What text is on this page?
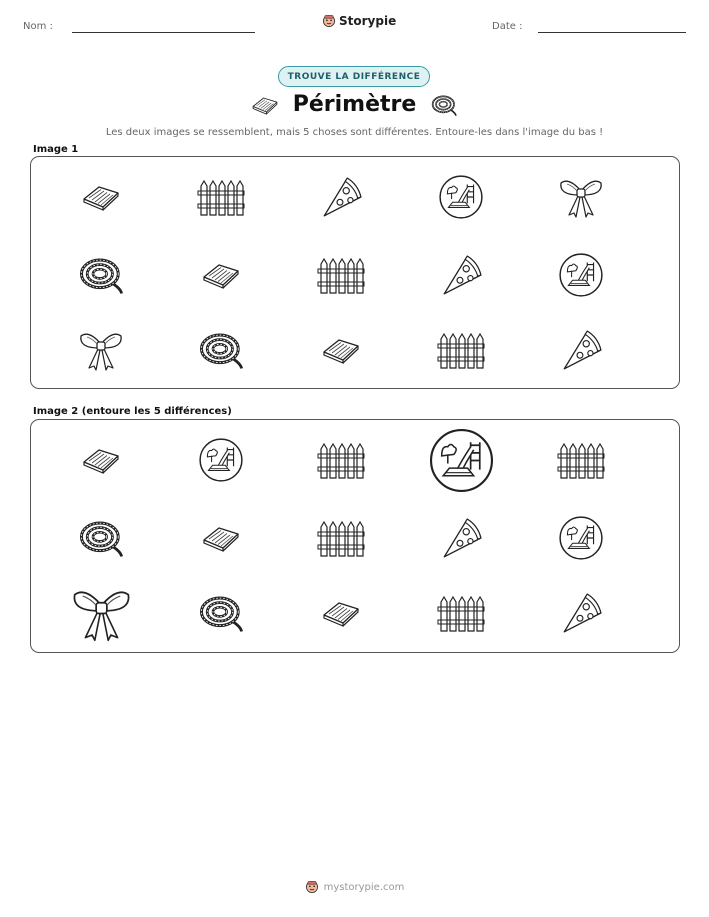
Nom :	Storypie	Date :
TROUVE LA DIFFÉRENCE
Périmètre
Les deux images se ressemblent, mais 5 choses sont différentes. Entoure-les dans l'image du bas !
Image 1
Image 2 (entoure les 5 différences)
mystorypie.com
